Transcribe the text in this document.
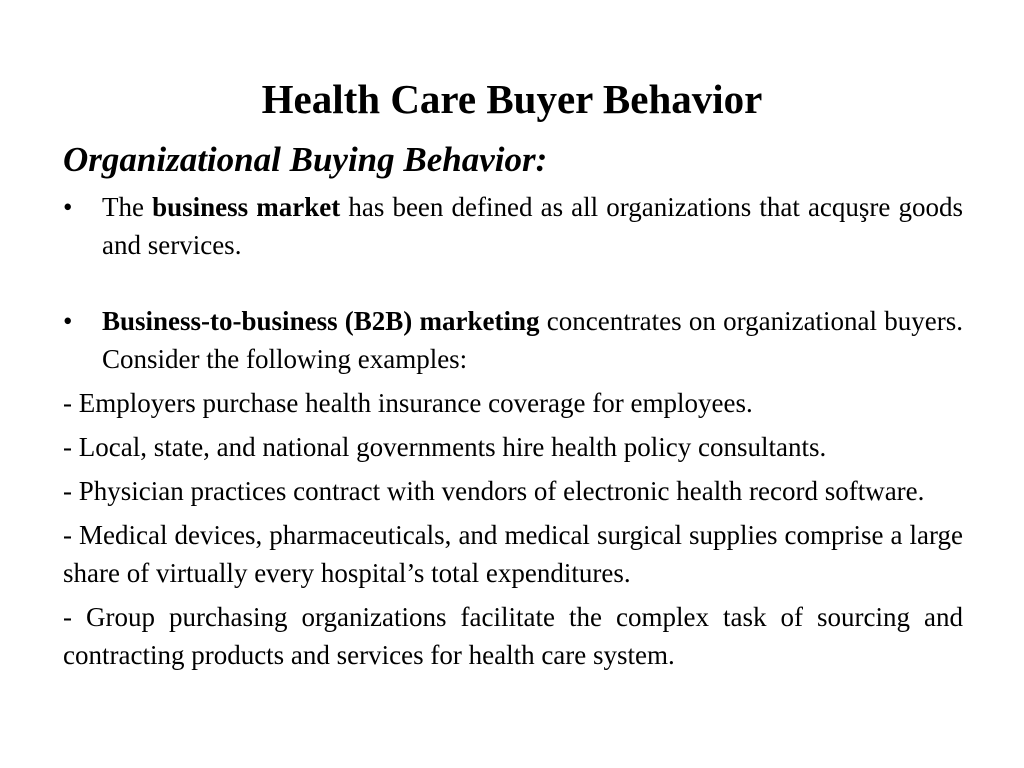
Health Care Buyer Behavior
Organizational Buying Behavior:
•	The business market has been defined as all organizations that acquşre goods and services.
•	Business-to-business (B2B) marketing concentrates on organizational buyers. Consider the following examples:
- Employers purchase health insurance coverage for employees.
- Local, state, and national governments hire health policy consultants.
- Physician practices contract with vendors of electronic health record software.
- Medical devices, pharmaceuticals, and medical surgical supplies comprise a large share of virtually every hospital’s total expenditures.
- Group purchasing organizations facilitate the complex task of sourcing and contracting products and services for health care system.
